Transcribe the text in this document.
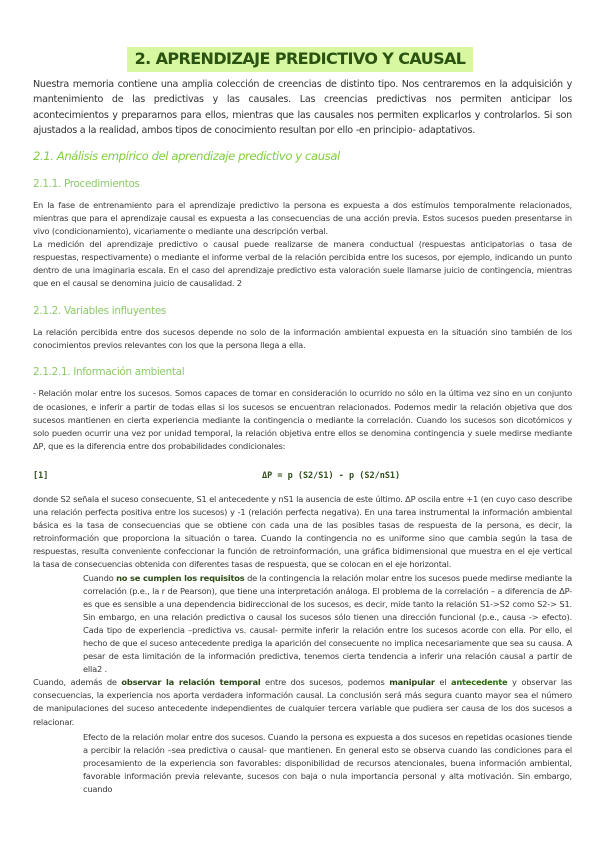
2. APRENDIZAJE PREDICTIVO Y CAUSAL

Nuestra memoria contiene una amplia colección de creencias de distinto tipo. Nos centraremos en la adquisición y mantenimiento de las predictivas y las causales. Las creencias predictivas nos permiten anticipar los acontecimientos y prepararnos para ellos, mientras que las causales nos permiten explicarlos y controlarlos. Si son ajustados a la realidad, ambos tipos de conocimiento resultan por ello -en principio- adaptativos.

2.1. Análisis empírico del aprendizaje predictivo y causal
2.1.1. Procedimientos

En la fase de entrenamiento para el aprendizaje predictivo la persona es expuesta a dos estímulos temporalmente relacionados, mientras que para el aprendizaje causal es expuesta a las consecuencias de una acción previa. Estos sucesos pueden presentarse in vivo (condicionamiento), vicariamente o mediante una descripción verbal.

La medición del aprendizaje predictivo o causal puede realizarse de manera conductual (respuestas anticipatorias o tasa de respuestas, respectivamente) o mediante el informe verbal de la relación percibida entre los sucesos, por ejemplo, indicando un punto dentro de una imaginaria escala. En el caso del aprendizaje predictivo esta valoración suele llamarse juicio de contingencia, mientras que en el causal se denomina juicio de causalidad. 2

2.1.2. Variables influyentes

La relación percibida entre dos sucesos depende no solo de la información ambiental expuesta en la situación sino también de los conocimientos previos relevantes con los que la persona llega a ella.

2.1.2.1. Información ambiental

- Relación molar entre los sucesos. Somos capaces de tomar en consideración lo ocurrido no sólo en la última vez sino en un conjunto de ocasiones, e inferir a partir de todas ellas si los sucesos se encuentran relacionados. Podemos medir la relación objetiva que dos sucesos mantienen en cierta experiencia mediante la contingencia o mediante la correlación. Cuando los sucesos son dicotómicos y solo pueden ocurrir una vez por unidad temporal, la relación objetiva entre ellos se denomina contingencia y suele medirse mediante ΔP, que es la diferencia entre dos probabilidades condicionales:

[1]	ΔP = p (S2/S1) - p (S2/nS1)

donde S2 señala el suceso consecuente, S1 el antecedente y nS1 la ausencia de este último. ΔP oscila entre +1 (en cuyo caso describe una relación perfecta positiva entre los sucesos) y -1 (relación perfecta negativa). En una tarea instrumental la información ambiental básica es la tasa de consecuencias que se obtiene con cada una de las posibles tasas de respuesta de la persona, es decir, la retroinformación que proporciona la situación o tarea. Cuando la contingencia no es uniforme sino que cambia según la tasa de respuestas, resulta conveniente confeccionar la función de retroinformación, una gráfica bidimensional que muestra en el eje vertical la tasa de consecuencias obtenida con diferentes tasas de respuesta, que se colocan en el eje horizontal.

Cuando no se cumplen los requisitos de la contingencia la relación molar entre los sucesos puede medirse mediante la correlación (p.e., la r de Pearson), que tiene una interpretación análoga. El problema de la correlación – a diferencia de ΔP- es que es sensible a una dependencia bidireccional de los sucesos, es decir, mide tanto la relación S1->S2 como S2-> S1. Sin embargo, en una relación predictiva o causal los sucesos sólo tienen una dirección funcional (p.e., causa -> efecto). Cada tipo de experiencia –predictiva vs. causal- permite inferir la relación entre los sucesos acorde con ella. Por ello, el hecho de que el suceso antecedente prediga la aparición del consecuente no implica necesariamente que sea su causa. A pesar de esta limitación de la información predictiva, tenemos cierta tendencia a inferir una relación causal a partir de ella2 .

Cuando, además de observar la relación temporal entre dos sucesos, podemos manipular el antecedente y observar las consecuencias, la experiencia nos aporta verdadera información causal. La conclusión será más segura cuanto mayor sea el número de manipulaciones del suceso antecedente independientes de cualquier tercera variable que pudiera ser causa de los dos sucesos a relacionar.

Efecto de la relación molar entre dos sucesos. Cuando la persona es expuesta a dos sucesos en repetidas ocasiones tiende a percibir la relación –sea predictiva o causal- que mantienen. En general esto se observa cuando las condiciones para el procesamiento de la experiencia son favorables: disponibilidad de recursos atencionales, buena información ambiental, favorable información previa relevante, sucesos con baja o nula importancia personal y alta motivación. Sin embargo, cuando
